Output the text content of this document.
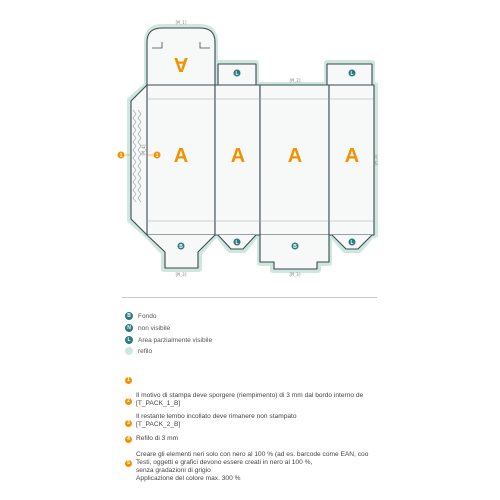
A
A A A A
L	L
B	B
L	L
1	1
[M_1]
[M_2]
[M_3]	[M_3]
[M_4]
[M_5]
B	Fondo
N	non visibile
L	Area parzialmente visibile
refilo

1

Il motivo di stampa deve sporgere (riempimento) di 3 mm dal bordo interno de
[T_PACK_1_B]

2

Il restante lembo incollato deve rimanere non stampato
[T_PACK_2_B]

3

Refilo di 3 mm

4

Creare gli elementi neri solo con nero al 100 % (ad es. barcode come EAN, coo
Testi, oggetti e grafici devono essere creati in nero al 100 %,
senza gradazioni di grigio

5

Applicazione del colore max. 300 %
